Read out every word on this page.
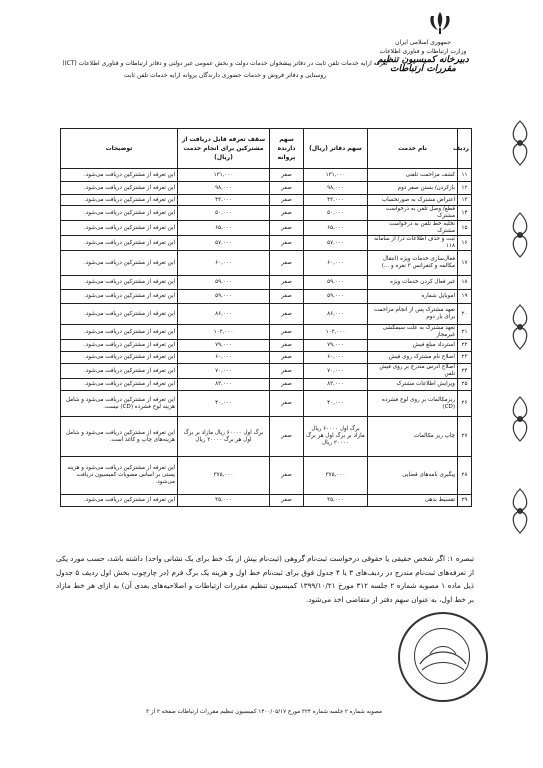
جمهوری اسلامی ایران
وزارت ارتباطات و فناوری اطلاعات
دبیرخانه کمیسیون تنظیم مقررات ارتباطات
تعرفه ارایه خدمات تلفن ثابت در دفاتر پیشخوان خدمات دولت و بخش عمومی غیر دولتی و دفاتر ارتباطات و فناوری اطلاعات (ICT)
روستایی و دفاتر فروش و خدمات حضوری دارندگان پروانه ارایه خدمات تلفن ثابت
ردیف	نام خدمت	سهم دفاتر (ریال)	سهم دارنده پروانه	سقف تعرفه قابل دریافت از مشترکین برای انجام خدمت (ریال)	توضیحات
۱۱	کشف مزاحمت تلفنی	۱۳۱,۰۰۰	صفر	۱۳۱,۰۰۰	این تعرفه از مشترکین دریافت می‌شود.
۱۲	بازکردن/ بستن صفر دوم	۹۸,۰۰۰	صفر	۹۸,۰۰۰	این تعرفه از مشترکین دریافت می‌شود.
۱۳	اعتراض مشترک به صورتحساب	۴۳,۰۰۰	صفر	۴۳,۰۰۰	این تعرفه از مشترکین دریافت می‌شود.
۱۴	قطع/ وصل تلفن به درخواست مشترک	۵۰,۰۰۰	صفر	۵۰,۰۰۰	این تعرفه از مشترکین دریافت می‌شود.
۱۵	تخلیه خط تلفن به درخواست مشترک	۶۵,۰۰۰	صفر	۶۵,۰۰۰	این تعرفه از مشترکین دریافت می‌شود.
۱۶	ثبت و حذف اطلاعات در/ از سامانه ۱۱۸	۵۷,۰۰۰	صفر	۵۷,۰۰۰	این تعرفه از مشترکین دریافت می‌شود.
۱۷	فعال‌سازی خدمات ویژه (انتقال مکالمه و کنفرانس ۳ نفره و ...)	۶۰,۰۰۰	صفر	۶۰,۰۰۰	این تعرفه از مشترکین دریافت می‌شود.
۱۸	غیر فعال کردن خدمات ویژه	۵۹,۰۰۰	صفر	۵۹,۰۰۰	این تعرفه از مشترکین دریافت می‌شود.
۱۹	اموبایل شماره	۵۹,۰۰۰	صفر	۵۹,۰۰۰	این تعرفه از مشترکین دریافت می‌شود.
۲۰	تعهد مشترک پس از انجام مزاحمت برای بار دوم	۸۶,۰۰۰	صفر	۸۶,۰۰۰	این تعرفه از مشترکین دریافت می‌شود.
۲۱	تعهد مشترک به علت سیمکشی غیرمجاز	۱۰۲,۰۰۰	صفر	۱۰۲,۰۰۰	این تعرفه از مشترکین دریافت می‌شود.
۲۲	استرداد مبلغ فیش	۷۹,۰۰۰	صفر	۷۹,۰۰۰	این تعرفه از مشترکین دریافت می‌شود.
۲۳	اصلاح نام مشترک روی فیش	۶۰,۰۰۰	صفر	۶۰,۰۰۰	این تعرفه از مشترکین دریافت می‌شود.
۲۴	اصلاح آدرس مندرج بر روی فیش تلفن	۷۰,۰۰۰	صفر	۷۰,۰۰۰	این تعرفه از مشترکین دریافت می‌شود.
۲۵	ویرایش اطلاعات مشترک	۸۳,۰۰۰	صفر	۸۳,۰۰۰	این تعرفه از مشترکین دریافت می‌شود.
۲۶	ریزمکالمات بر روی لوح فشرده (CD)	۴۰,۰۰۰	صفر	۴۰,۰۰۰	این تعرفه از مشترکین دریافت می‌شود و شامل هزینه لوح فشرده (CD) نیست.
۲۷	چاپ ریز مکالمات	برگ اول ۶۰۰۰۰ ریال مازاد بر برگ اول هر برگ ۲۰۰۰۰ ریال	صفر	برگ اول ۶۰۰۰۰ ریال مازاد بر برگ اول هر برگ ۲۰۰۰۰ ریال	این تعرفه از مشترکین دریافت می‌شود و شامل هزینه‌های چاپ و کاغذ است.
۲۸	پیگیری نامه‌های قضایی	۳۷۵,۰۰۰	صفر	۳۷۵,۰۰۰	این تعرفه از مشترکین دریافت می‌شود و هزینه پستی بر اساس مصوبات کمیسیون دریافت می‌شود.
۲۹	تقسیط بدهی	۳۵,۰۰۰	صفر	۳۵,۰۰۰	این تعرفه از مشترکین دریافت می‌شود.
تبصره ۱: اگر شخص حقیقی یا حقوقی درخواست ثبت‌نام گروهی (ثبت‌نام بیش از یک خط برای یک نشانی واحد) داشته باشد، حسب مورد یکی از تعرفه‌های ثبت‌نام مندرج در ردیف‌های ۳ یا ۴ جدول فوق برای ثبت‌نام خط اول و هزینه یک برگ فرم (در چارچوب بخش اول ردیف ۵ جدول ذیل ماده ۱ مصوبه شماره ۲ جلسه ۳۱۲ مورخ ۱۳۹۹/۱۰/۲۱ کمیسیون تنظیم مقررات ارتباطات و اصلاحیه‌های بعدی آن) به ازای هر خط مازاد بر خط اول، به عنوان سهم دفتر از متقاضی اخذ می‌شود.
مصوبه شماره ۲ جلسه شماره ۳۲۴ مورخ ۱۴۰۰/۰۵/۱۷ کمیسیون تنظیم مقررات ارتباطات صفحه ۲ از ۳
